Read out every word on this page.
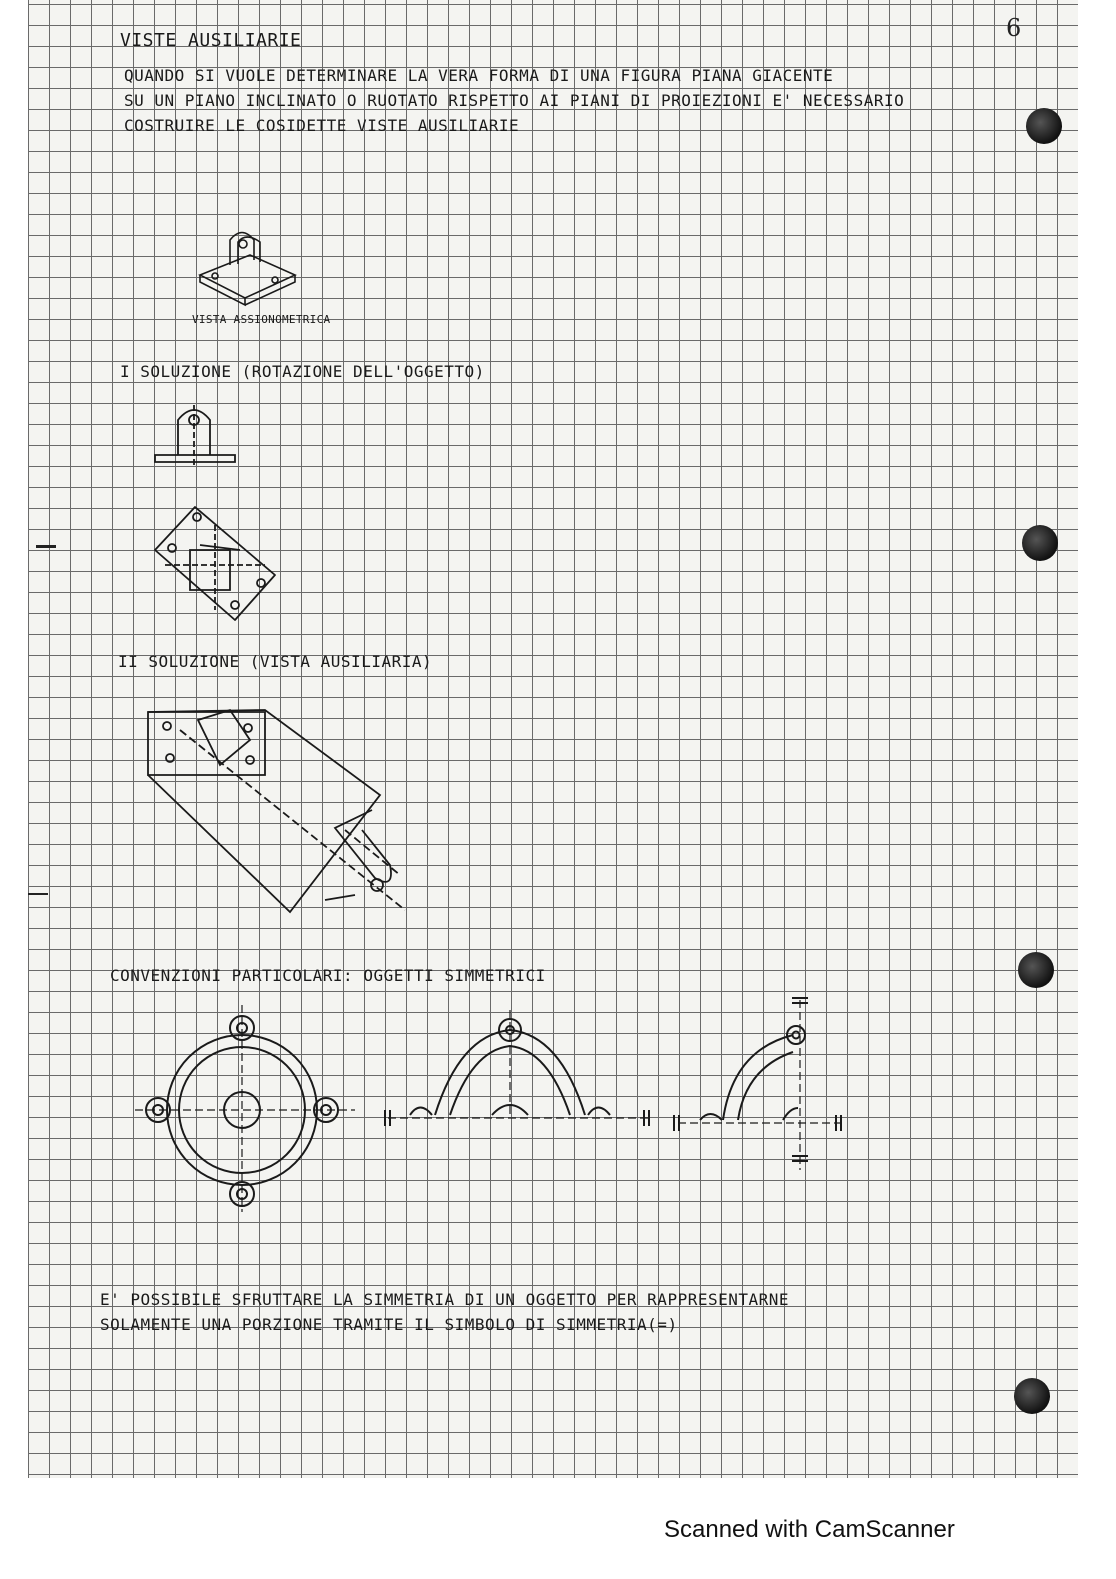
6
VISTE AUSILIARIE
QUANDO SI VUOLE DETERMINARE LA VERA FORMA DI UNA FIGURA PIANA GIACENTE
SU UN PIANO INCLINATO O RUOTATO RISPETTO AI PIANI DI PROIEZIONI E' NECESSARIO
COSTRUIRE LE COSIDETTE VISTE AUSILIARIE
VISTA ASSIONOMETRICA
I SOLUZIONE (ROTAZIONE DELL'OGGETTO)
II SOLUZIONE (VISTA AUSILIARIA)
CONVENZIONI PARTICOLARI: OGGETTI SIMMETRICI
E' POSSIBILE SFRUTTARE LA SIMMETRIA DI UN OGGETTO PER RAPPRESENTARNE
SOLAMENTE UNA PORZIONE TRAMITE IL SIMBOLO DI SIMMETRIA(=)
Scanned with CamScanner
